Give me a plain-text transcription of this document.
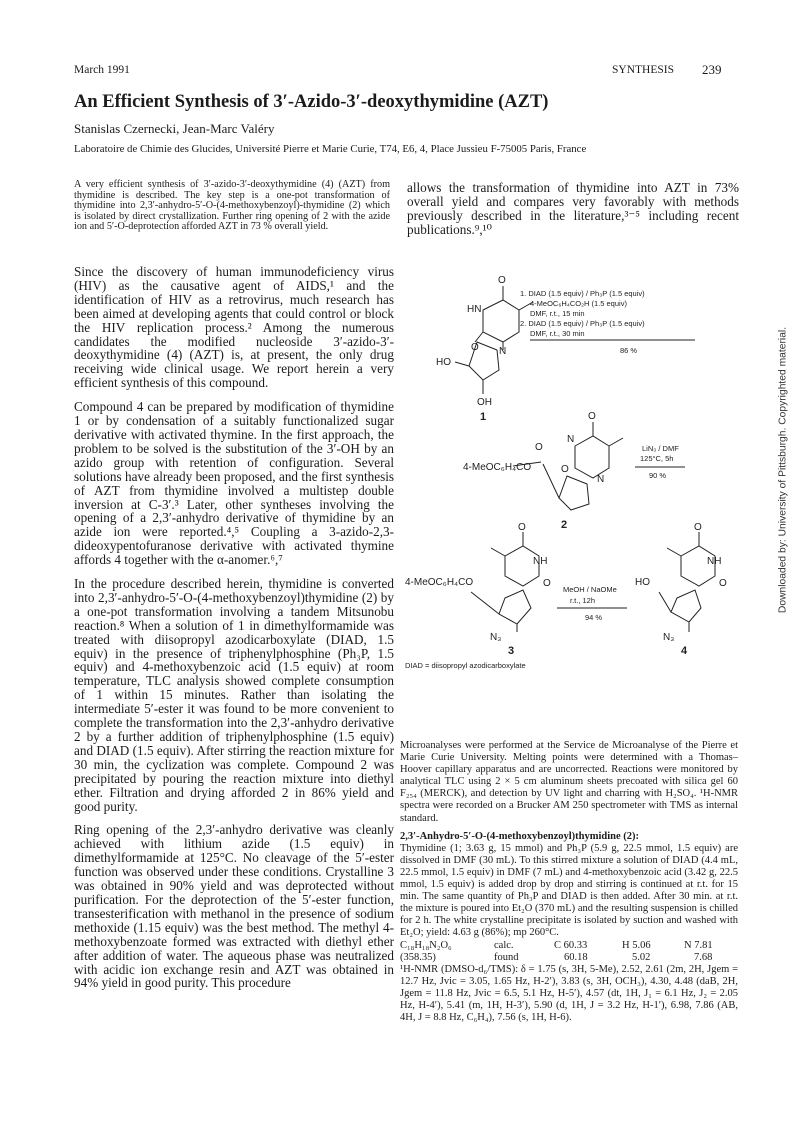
March 1991	SYNTHESIS 239
An Efficient Synthesis of 3′-Azido-3′-deoxythymidine (AZT)
Stanislas Czernecki, Jean-Marc Valéry
Laboratoire de Chimie des Glucides, Université Pierre et Marie Curie, T74, E6, 4, Place Jussieu F-75005 Paris, France
A very efficient synthesis of 3′-azido-3′-deoxythymidine (4) (AZT) from thymidine is described. The key step is a one-pot transformation of thymidine into 2,3′-anhydro-5′-O-(4-methoxybenzoyl)-thymidine (2) which is isolated by direct crystallization. Further ring opening of 2 with the azide ion and 5′-O-deprotection afforded AZT in 73 % overall yield.
allows the transformation of thymidine into AZT in 73% overall yield and compares very favorably with methods previously described in the literature,³⁻⁵ including recent publications.⁹,¹⁰

Since the discovery of human immunodeficiency virus (HIV) as the causative agent of AIDS,¹ and the identification of HIV as a retrovirus, much research has been aimed at developing agents that could control or block the HIV replication process.² Among the numerous candidates the modified nucleoside 3′-azido-3′-deoxythymidine (4) (AZT) is, at present, the only drug receiving wide clinical usage. We report herein a very efficient synthesis of this compound.

Compound 4 can be prepared by modification of thymidine 1 or by condensation of a suitably functionalized sugar derivative with activated thymine. In the first approach, the problem to be solved is the substitution of the 3′-OH by an azido group with retention of configuration. Several solutions have already been proposed, and the first synthesis of AZT from thymidine involved a multistep double inversion at C-3′.³ Later, other syntheses involving the opening of a 2,3′-anhydro derivative of thymidine by an azide ion were reported.⁴,⁵ Coupling a 3-azido-2,3-dideoxypentofuranose derivative with activated thymine affords 4 together with the α-anomer.⁶,⁷

In the procedure described herein, thymidine is converted into 2,3′-anhydro-5′-O-(4-methoxybenzoyl)thymidine (2) by a one-pot transformation involving a tandem Mitsunobu reaction.⁸ When a solution of 1 in dimethylformamide was treated with diisopropyl azodicarboxylate (DIAD, 1.5 equiv) in the presence of triphenylphosphine (Ph₃P, 1.5 equiv) and 4-methoxybenzoic acid (1.5 equiv) at room temperature, TLC analysis showed complete consumption of 1 within 15 minutes. Rather than isolating the intermediate 5′-ester it was found to be more convenient to complete the transformation into the 2,3′-anhydro derivative 2 by a further addition of triphenylphosphine (1.5 equiv) and DIAD (1.5 equiv). After stirring the reaction mixture for 30 min, the cyclization was complete. Compound 2 was precipitated by pouring the reaction mixture into diethyl ether. Filtration and drying afforded 2 in 86% yield and good purity.

Ring opening of the 2,3′-anhydro derivative was cleanly achieved with lithium azide (1.5 equiv) in dimethylformamide at 125°C. No cleavage of the 5′-ester function was observed under these conditions. Crystalline 3 was obtained in 90% yield and was deprotected without purification. For the deprotection of the 5′-ester function, transesterification with methanol in the presence of sodium methoxide (1.15 equiv) was the best method. The methyl 4-methoxybenzoate formed was extracted with diethyl ether after addition of water. The aqueous phase was neutralized with acidic ion exchange resin and AZT was obtained in 94% yield in good purity. This procedure

O
HN
O N
HO
OH
1
1. DIAD (1.5 equiv) / Ph₃P (1.5 equiv)
4-MeOC₆H₄CO₂H (1.5 equiv)
DMF, r.t., 15 min
2. DIAD (1.5 equiv) / Ph₃P (1.5 equiv)
DMF, r.t., 30 min
86 %
O
N
O
N
O
4-MeOC₆H₄CO
2
LiN₃ / DMF
125°C, 5h
90 %
O
NH
O
4-MeOC₆H₄CO
N₃
3
MeOH / NaOMe
r.t., 12h
94 %
O
NH
O
HO
N₃
4
DIAD = diisopropyl azodicarboxylate

Microanalyses were performed at the Service de Microanalyse of the Pierre et Marie Curie University. Melting points were determined with a Thomas–Hoover capillary apparatus and are uncorrected. Reactions were monitored by analytical TLC using 2 × 5 cm aluminum sheets precoated with silica gel 60 F₂₅₄ (MERCK), and detection by UV light and charring with H₂SO₄. ¹H-NMR spectra were recorded on a Brucker AM 250 spectrometer with TMS as internal standard.

2,3′-Anhydro-5′-O-(4-methoxybenzoyl)thymidine (2):

Thymidine (1; 3.63 g, 15 mmol) and Ph₃P (5.9 g, 22.5 mmol, 1.5 equiv) are dissolved in DMF (30 mL). To this stirred mixture a solution of DIAD (4.4 mL, 22.5 mmol, 1.5 equiv) in DMF (7 mL) and 4-methoxybenzoic acid (3.42 g, 22.5 mmol, 1.5 equiv) is added drop by drop and stirring is continued at r.t. for 15 min. The same quantity of Ph₃P and DIAD is then added. After 30 min. at r.t. the mixture is poured into Et₂O (370 mL) and the resulting suspension is chilled for 2 h. The white crystalline precipitate is isolated by suction and washed with Et₂O; yield: 4.63 g (86%); mp 260°C.

C₁₈H₁₈N₂O₆	calc.	C 60.33	H 5.06	N 7.81
(358.35)	found	60.18	5.02	7.68

¹H-NMR (DMSO-d₆/TMS): δ = 1.75 (s, 3H, 5-Me), 2.52, 2.61 (2m, 2H, Jgem = 12.7 Hz, Jvic = 3.05, 1.65 Hz, H-2′), 3.83 (s, 3H, OCH₃), 4.30, 4.48 (daB, 2H, Jgem = 11.8 Hz, Jvic = 6.5, 5.1 Hz, H-5′), 4.57 (dt, 1H, J₁ = 6.1 Hz, J₂ = 2.05 Hz, H-4′), 5.41 (m, 1H, H-3′), 5.90 (d, 1H, J = 3.2 Hz, H-1′), 6.98, 7.86 (AB, 4H, J = 8.8 Hz, C₆H₄), 7.56 (s, 1H, H-6).

Downloaded by: University of Pittsburgh. Copyrighted material.
